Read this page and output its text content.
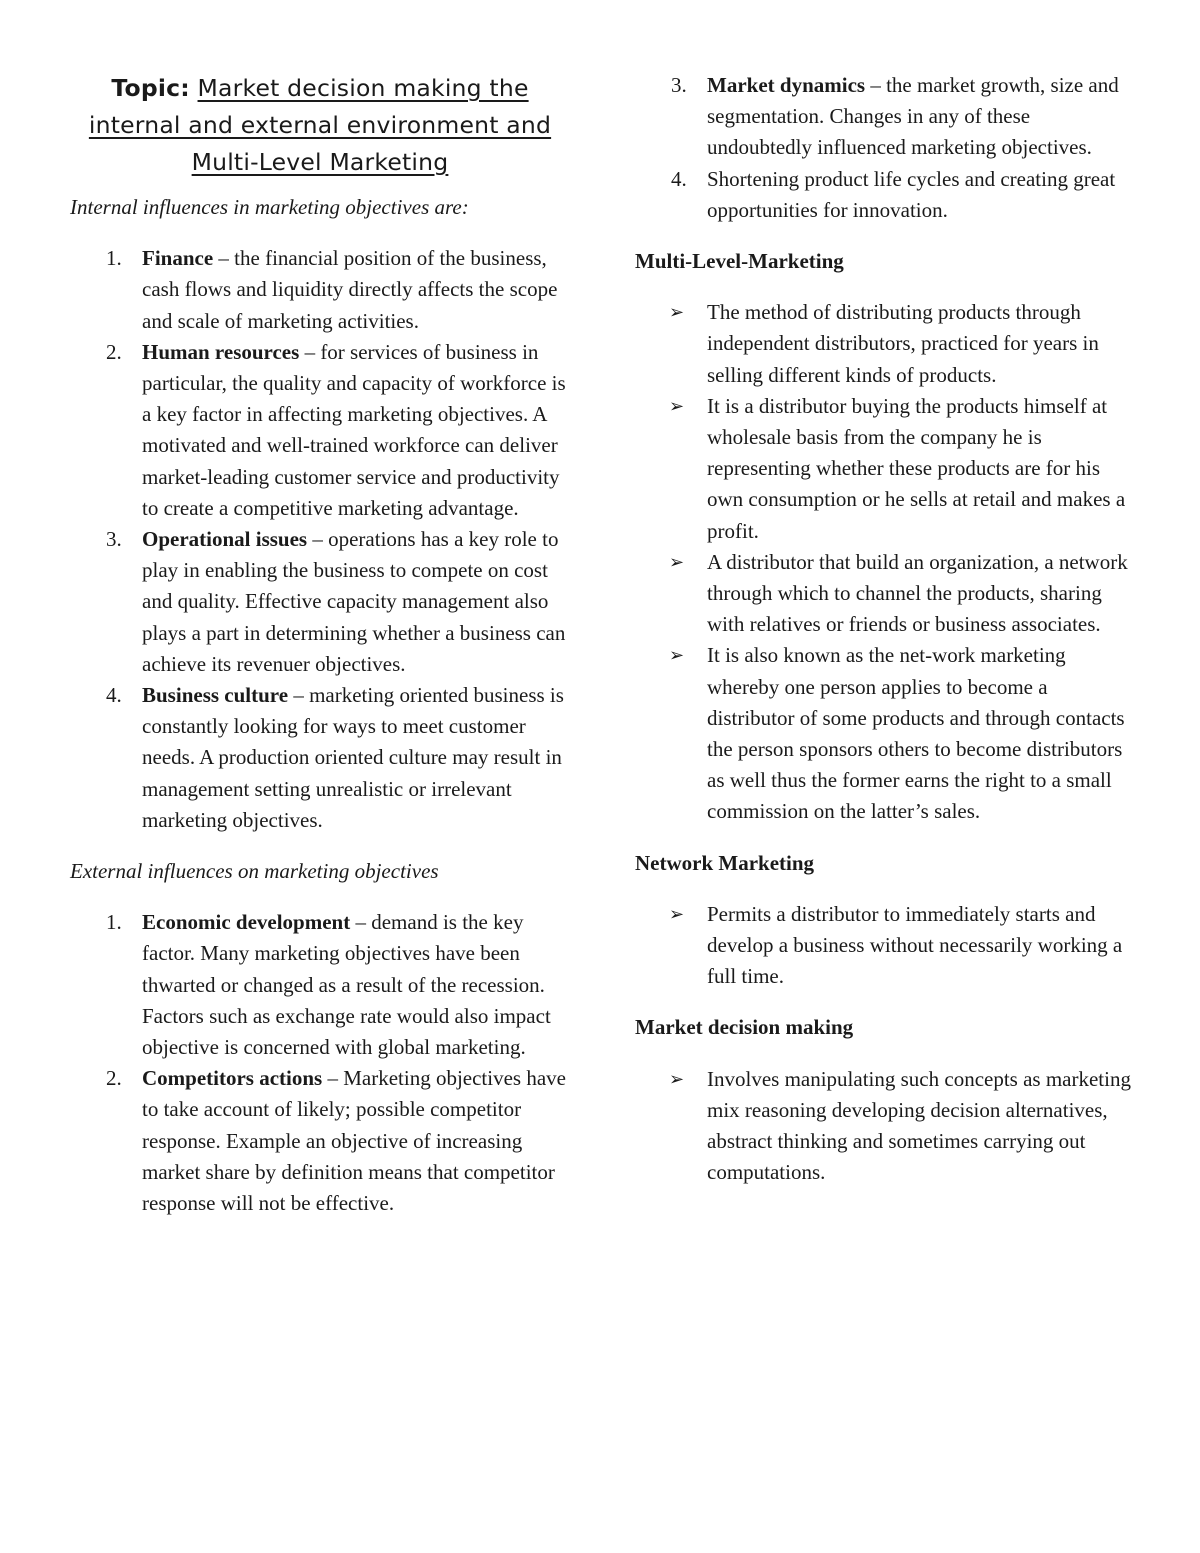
Topic: Market decision making the internal and external environment and Multi-Level Marketing
Internal influences in marketing objectives are:
1. Finance – the financial position of the business, cash flows and liquidity directly affects the scope and scale of marketing activities.
2. Human resources – for services of business in particular, the quality and capacity of workforce is a key factor in affecting marketing objectives. A motivated and well-trained workforce can deliver market-leading customer service and productivity to create a competitive marketing advantage.
3. Operational issues – operations has a key role to play in enabling the business to compete on cost and quality. Effective capacity management also plays a part in determining whether a business can achieve its revenuer objectives.
4. Business culture – marketing oriented business is constantly looking for ways to meet customer needs. A production oriented culture may result in management setting unrealistic or irrelevant marketing objectives.
External influences on marketing objectives
1. Economic development – demand is the key factor. Many marketing objectives have been thwarted or changed as a result of the recession. Factors such as exchange rate would also impact objective is concerned with global marketing.
2. Competitors actions – Marketing objectives have to take account of likely; possible competitor response. Example an objective of increasing market share by definition means that competitor response will not be effective.
3. Market dynamics – the market growth, size and segmentation. Changes in any of these undoubtedly influenced marketing objectives.
4. Shortening product life cycles and creating great opportunities for innovation.
Multi-Level-Marketing
➢ The method of distributing products through independent distributors, practiced for years in selling different kinds of products.
➢ It is a distributor buying the products himself at wholesale basis from the company he is representing whether these products are for his own consumption or he sells at retail and makes a profit.
➢ A distributor that build an organization, a network through which to channel the products, sharing with relatives or friends or business associates.
➢ It is also known as the net-work marketing whereby one person applies to become a distributor of some products and through contacts the person sponsors others to become distributors as well thus the former earns the right to a small commission on the latter’s sales.
Network Marketing
➢ Permits a distributor to immediately starts and develop a business without necessarily working a full time.
Market decision making
➢ Involves manipulating such concepts as marketing mix reasoning developing decision alternatives, abstract thinking and sometimes carrying out computations.
